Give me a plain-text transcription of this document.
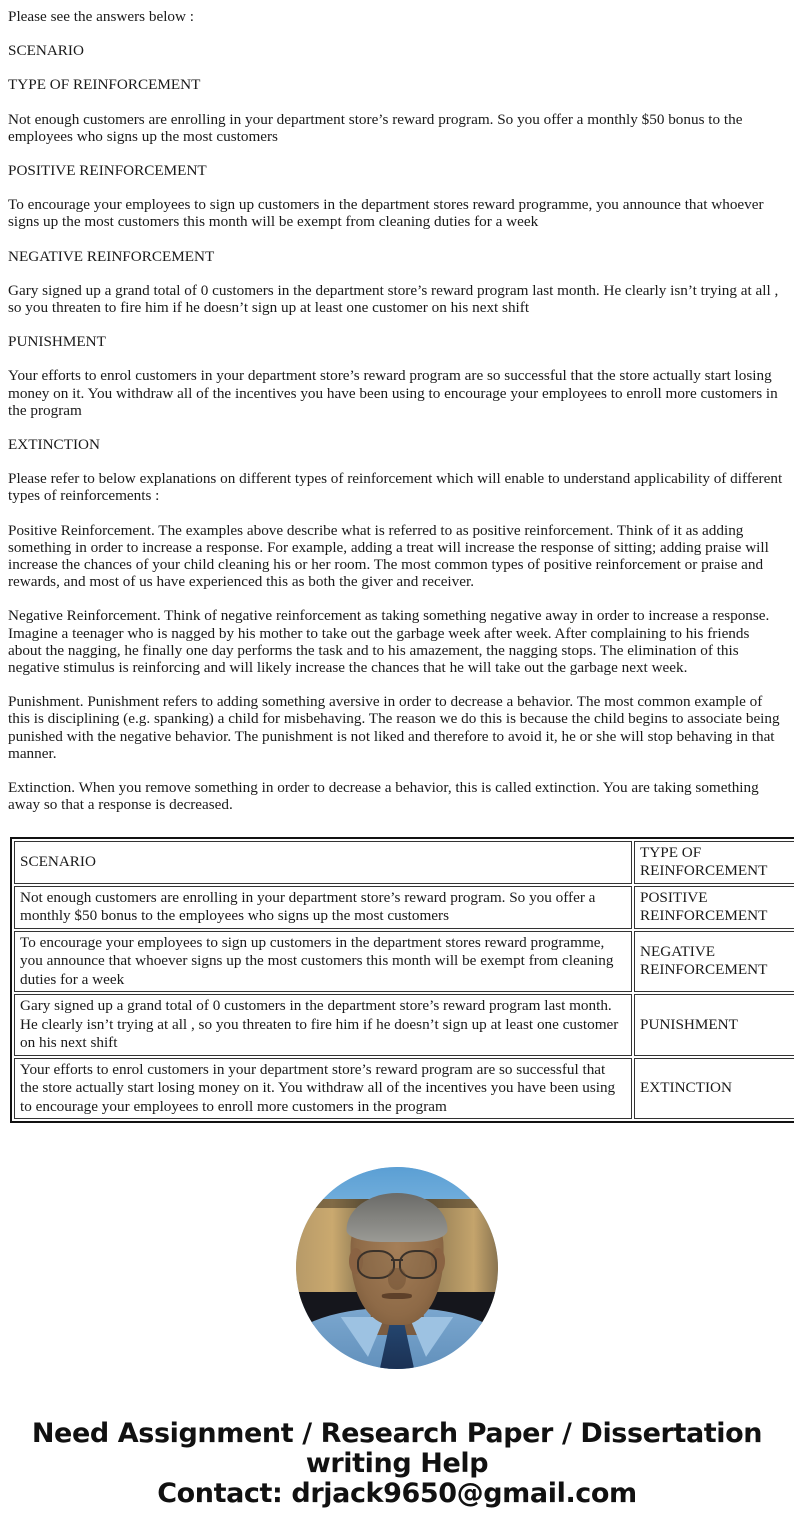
Please see the answers below :

SCENARIO

TYPE OF REINFORCEMENT

Not enough customers are enrolling in your department store’s reward program. So you offer a monthly $50 bonus to the employees who signs up the most customers

POSITIVE REINFORCEMENT

To encourage your employees to sign up customers in the department stores reward programme, you announce that whoever signs up the most customers this month will be exempt from cleaning duties for a week

NEGATIVE REINFORCEMENT

Gary signed up a grand total of 0 customers in the department store’s reward program last month. He clearly isn’t trying at all , so you threaten to fire him if he doesn’t sign up at least one customer on his next shift

PUNISHMENT

Your efforts to enrol customers in your department store’s reward program are so successful that the store actually start losing money on it. You withdraw all of the incentives you have been using to encourage your employees to enroll more customers in the program

EXTINCTION

Please refer to below explanations on different types of reinforcement which will enable to understand applicability of different types of reinforcements :

Positive Reinforcement. The examples above describe what is referred to as positive reinforcement. Think of it as adding something in order to increase a response. For example, adding a treat will increase the response of sitting; adding praise will increase the chances of your child cleaning his or her room. The most common types of positive reinforcement or praise and rewards, and most of us have experienced this as both the giver and receiver.

Negative Reinforcement. Think of negative reinforcement as taking something negative away in order to increase a response. Imagine a teenager who is nagged by his mother to take out the garbage week after week. After complaining to his friends about the nagging, he finally one day performs the task and to his amazement, the nagging stops. The elimination of this negative stimulus is reinforcing and will likely increase the chances that he will take out the garbage next week.

Punishment. Punishment refers to adding something aversive in order to decrease a behavior. The most common example of this is disciplining (e.g. spanking) a child for misbehaving. The reason we do this is because the child begins to associate being punished with the negative behavior. The punishment is not liked and therefore to avoid it, he or she will stop behaving in that manner.

Extinction. When you remove something in order to decrease a behavior, this is called extinction. You are taking something away so that a response is decreased.

SCENARIO	TYPE OF REINFORCEMENT
Not enough customers are enrolling in your department store’s reward program. So you offer a monthly $50 bonus to the employees who signs up the most customers	POSITIVE REINFORCEMENT
To encourage your employees to sign up customers in the department stores reward programme, you announce that whoever signs up the most customers this month will be exempt from cleaning duties for a week	NEGATIVE REINFORCEMENT
Gary signed up a grand total of 0 customers in the department store’s reward program last month. He clearly isn’t trying at all , so you threaten to fire him if he doesn’t sign up at least one customer on his next shift	PUNISHMENT
Your efforts to enrol customers in your department store’s reward program are so successful that the store actually start losing money on it. You withdraw all of the incentives you have been using to encourage your employees to enroll more customers in the program	EXTINCTION
Need Assignment / Research Paper / Dissertation
writing Help
Contact: drjack9650@gmail.com
